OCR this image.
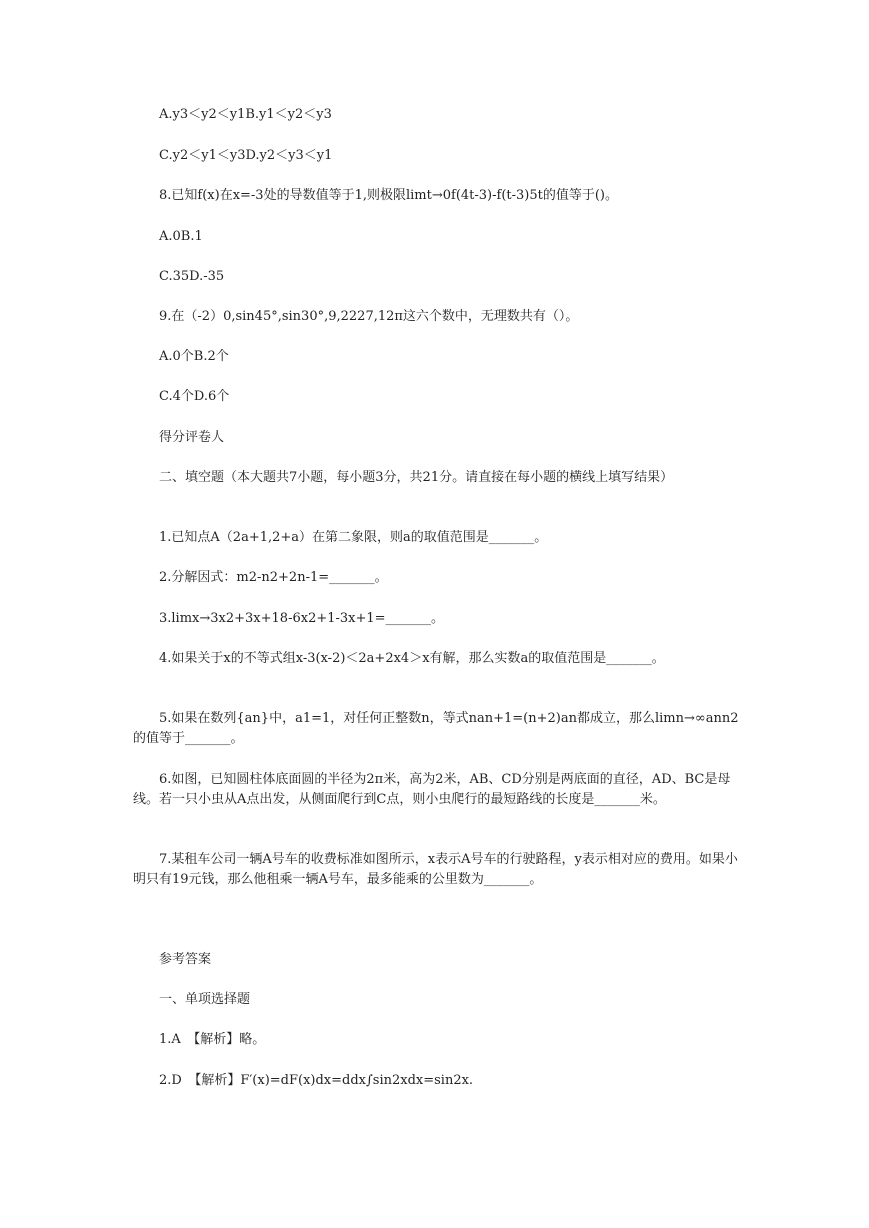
　　A.y3＜y2＜y1B.y1＜y2＜y3

　　C.y2＜y1＜y3D.y2＜y3＜y1

　　8.已知f(x)在x=-3处的导数值等于1,则极限limt→0f(4t-3)-f(t-3)5t的值等于()。

　　A.0B.1

　　C.35D.-35

　　9.在（-2）0,sin45°,sin30°,9,2227,12π这六个数中，无理数共有（）。

　　A.0个B.2个

　　C.4个D.6个

　　得分评卷人

　　二、填空题（本大题共7小题，每小题3分，共21分。请直接在每小题的横线上填写结果）

　　1.已知点A（2a+1,2+a）在第二象限，则a的取值范围是_______。

　　2.分解因式：m2-n2+2n-1=_______。

　　3.limx→3x2+3x+18-6x2+1-3x+1=_______。

　　4.如果关于x的不等式组x-3(x-2)＜2a+2x4＞x有解，那么实数a的取值范围是_______。

　　5.如果在数列{an}中，a1=1，对任何正整数n，等式nan+1=(n+2)an都成立，那么limn→∞ann2的值等于_______。

　　6.如图，已知圆柱体底面圆的半径为2π米，高为2米，AB、CD分别是两底面的直径，AD、BC是母线。若一只小虫从A点出发，从侧面爬行到C点，则小虫爬行的最短路线的长度是_______米。

　　7.某租车公司一辆A号车的收费标准如图所示，x表示A号车的行驶路程，y表示相对应的费用。如果小明只有19元钱，那么他租乘一辆A号车，最多能乘的公里数为_______。

　　参考答案

　　一、单项选择题

　　1.A　【解析】略。

　　2.D　【解析】F′(x)=dF(x)dx=ddx∫sin2xdx=sin2x.
